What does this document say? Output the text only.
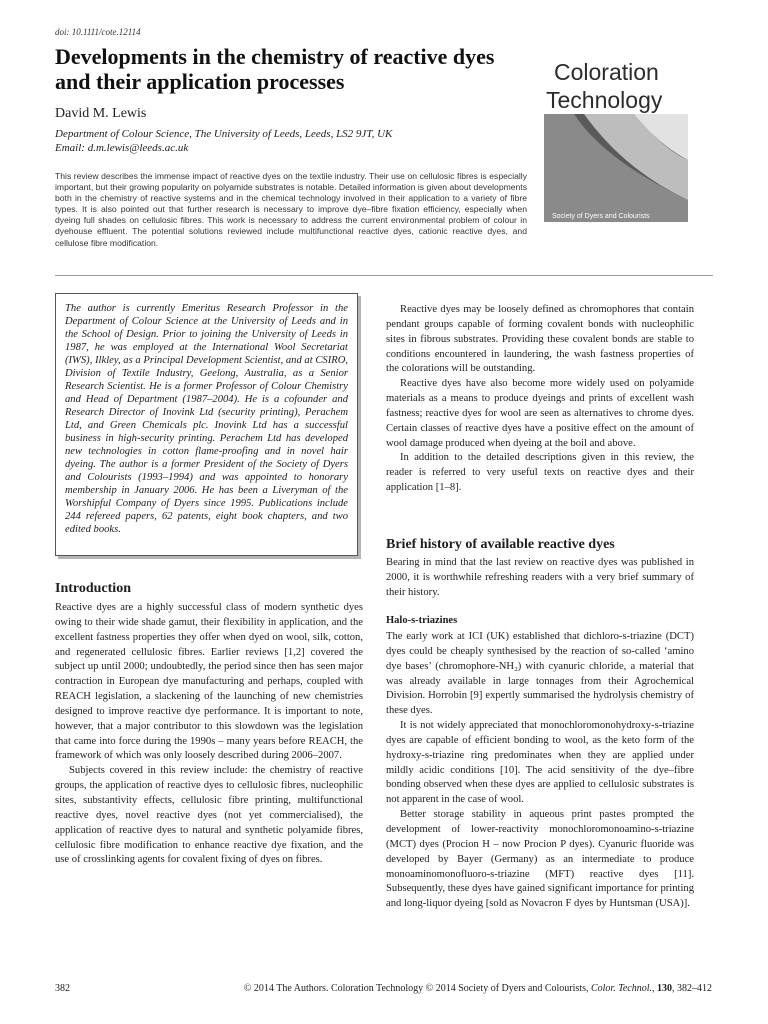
doi: 10.1111/cote.12114
Developments in the chemistry of reactive dyes and their application processes

David M. Lewis

Department of Colour Science, The University of Leeds, Leeds, LS2 9JT, UK
Email: d.m.lewis@leeds.ac.uk
Coloration
Technology
Society of Dyers and Colourists

This review describes the immense impact of reactive dyes on the textile industry. Their use on cellulosic fibres is especially important, but their growing popularity on polyamide substrates is notable. Detailed information is given about developments both in the chemistry of reactive systems and in the chemical technology involved in their application to a variety of fibre types. It is also pointed out that further research is necessary to improve dye–fibre fixation efficiency, especially when dyeing full shades on cellulosic fibres. This work is necessary to address the current environmental problem of colour in dyehouse effluent. The potential solutions reviewed include multifunctional reactive dyes, cationic reactive dyes, and cellulose fibre modification.

The author is currently Emeritus Research Professor in the Department of Colour Science at the University of Leeds and in the School of Design. Prior to joining the University of Leeds in 1987, he was employed at the International Wool Secretariat (IWS), Ilkley, as a Principal Development Scientist, and at CSIRO, Division of Textile Industry, Geelong, Australia, as a Senior Research Scientist. He is a former Professor of Colour Chemistry and Head of Department (1987–2004). He is a cofounder and Research Director of Inovink Ltd (security printing), Perachem Ltd, and Green Chemicals plc. Inovink Ltd has a successful business in high-security printing. Perachem Ltd has developed new technologies in cotton flame-proofing and in novel hair dyeing. The author is a former President of the Society of Dyers and Colourists (1993–1994) and was appointed to honorary membership in January 2006. He has been a Liveryman of the Worshipful Company of Dyers since 1995. Publications include 244 refereed papers, 62 patents, eight book chapters, and two edited books.

Introduction

Reactive dyes are a highly successful class of modern synthetic dyes owing to their wide shade gamut, their flexibility in application, and the excellent fastness properties they offer when dyed on wool, silk, cotton, and regenerated cellulosic fibres. Earlier reviews [1,2] covered the subject up until 2000; undoubtedly, the period since then has seen major contraction in European dye manufacturing and perhaps, coupled with REACH legislation, a slackening of the launching of new chemistries designed to improve reactive dye performance. It is important to note, however, that a major contributor to this slowdown was the legislation that came into force during the 1990s – many years before REACH, the framework of which was only loosely described during 2006–2007.

Subjects covered in this review include: the chemistry of reactive groups, the application of reactive dyes to cellulosic fibres, nucleophilic sites, substantivity effects, cellulosic fibre printing, multifunctional reactive dyes, novel reactive dyes (not yet commercialised), the application of reactive dyes to natural and synthetic polyamide fibres, cellulosic fibre modification to enhance reactive dye fixation, and the use of crosslinking agents for covalent fixing of dyes on fibres.

Reactive dyes may be loosely defined as chromophores that contain pendant groups capable of forming covalent bonds with nucleophilic sites in fibrous substrates. Providing these covalent bonds are stable to conditions encountered in laundering, the wash fastness properties of the colorations will be outstanding.

Reactive dyes have also become more widely used on polyamide materials as a means to produce dyeings and prints of excellent wash fastness; reactive dyes for wool are seen as alternatives to chrome dyes. Certain classes of reactive dyes have a positive effect on the amount of wool damage produced when dyeing at the boil and above.

In addition to the detailed descriptions given in this review, the reader is referred to very useful texts on reactive dyes and their application [1–8].

Brief history of available reactive dyes

Bearing in mind that the last review on reactive dyes was published in 2000, it is worthwhile refreshing readers with a very brief summary of their history.

Halo-s-triazines

The early work at ICI (UK) established that dichloro-s-triazine (DCT) dyes could be cheaply synthesised by the reaction of so-called ‘amino dye bases’ (chromophore-NH₂) with cyanuric chloride, a material that was already available in large tonnages from their Agrochemical Division. Horrobin [9] expertly summarised the hydrolysis chemistry of these dyes.

It is not widely appreciated that monochloromonohydroxy-s-triazine dyes are capable of efficient bonding to wool, as the keto form of the hydroxy-s-triazine ring predominates when they are applied under mildly acidic conditions [10]. The acid sensitivity of the dye–fibre bonding observed when these dyes are applied to cellulosic substrates is not apparent in the case of wool.

Better storage stability in aqueous print pastes prompted the development of lower-reactivity monochloromonoamino-s-triazine (MCT) dyes (Procion H – now Procion P dyes). Cyanuric fluoride was developed by Bayer (Germany) as an intermediate to produce monoaminomonofluoro-s-triazine (MFT) reactive dyes [11]. Subsequently, these dyes have gained significant importance for printing and long-liquor dyeing [sold as Novacron F dyes by Huntsman (USA)].

382	© 2014 The Authors. Coloration Technology © 2014 Society of Dyers and Colourists, Color. Technol., 130, 382–412
